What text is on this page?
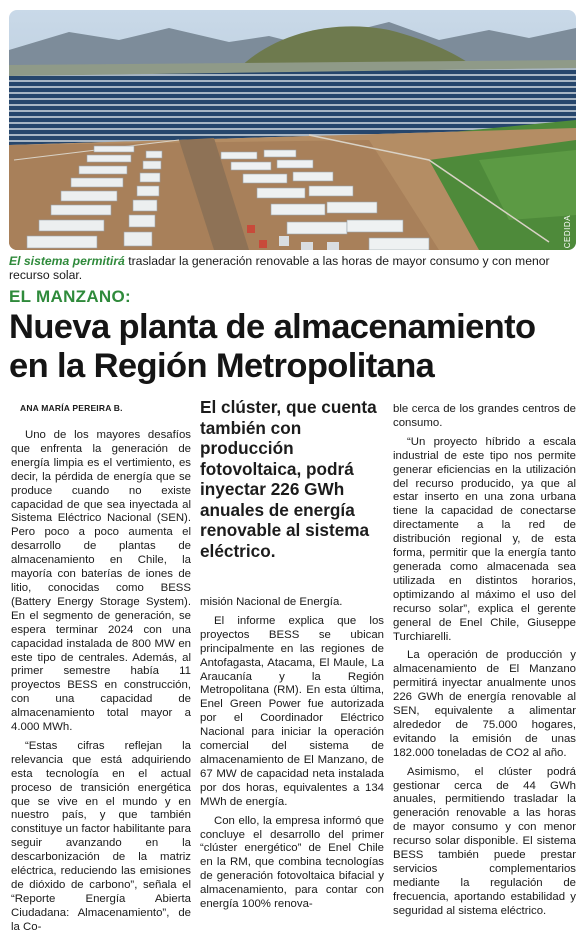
CEDIDA
El sistema permitirá trasladar la generación renovable a las horas de mayor consumo y con menor recurso solar.
EL MANZANO:
Nueva planta de almacenamiento
en la Región Metropolitana
ANA MARÍA PEREIRA B.

Uno de los mayores desafíos que enfrenta la generación de energía limpia es el vertimiento, es decir, la pérdida de energía que se produce cuando no existe capacidad de que sea inyectada al Sistema Eléctrico Nacional (SEN). Pero poco a poco aumenta el desarrollo de plantas de almacenamiento en Chile, la mayoría con baterías de iones de litio, conocidas como BESS (Battery Energy Storage System). En el segmento de generación, se espera terminar 2024 con una capacidad instalada de 800 MW en este tipo de centrales. Además, al primer semestre había 11 proyectos BESS en construcción, con una capacidad de almacenamiento total mayor a 4.000 MWh.

“Estas cifras reflejan la relevancia que está adquiriendo esta tecnología en el actual proceso de transición energética que se vive en el mundo y en nuestro país, y que también constituye un factor habilitante para seguir avanzando en la descarbonización de la matriz eléctrica, reduciendo las emisiones de dióxido de carbono”, señala el “Reporte Energía Abierta Ciudadana: Almacenamiento”, de la Co-

El clúster, que cuenta también con producción fotovoltaica, podrá inyectar 226 GWh anuales de energía renovable al sistema eléctrico.

misión Nacional de Energía.

El informe explica que los proyectos BESS se ubican principalmente en las regiones de Antofagasta, Atacama, El Maule, La Araucanía y la Región Metropolitana (RM). En esta última, Enel Green Power fue autorizada por el Coordinador Eléctrico Nacional para iniciar la operación comercial del sistema de almacenamiento de El Manzano, de 67 MW de capacidad neta instalada por dos horas, equivalentes a 134 MWh de energía.

Con ello, la empresa informó que concluye el desarrollo del primer “clúster energético” de Enel Chile en la RM, que combina tecnologías de generación fotovoltaica bifacial y almacenamiento, para contar con energía 100% renova-

ble cerca de los grandes centros de consumo.

“Un proyecto híbrido a escala industrial de este tipo nos permite generar eficiencias en la utilización del recurso producido, ya que al estar inserto en una zona urbana tiene la capacidad de conectarse directamente a la red de distribución regional y, de esta forma, permitir que la energía tanto generada como almacenada sea utilizada en distintos horarios, optimizando al máximo el uso del recurso solar”, explica el gerente general de Enel Chile, Giuseppe Turchiarelli.

La operación de producción y almacenamiento de El Manzano permitirá inyectar anualmente unos 226 GWh de energía renovable al SEN, equivalente a alimentar alrededor de 75.000 hogares, evitando la emisión de unas 182.000 toneladas de CO2 al año.

Asimismo, el clúster podrá gestionar cerca de 44 GWh anuales, permitiendo trasladar la generación renovable a las horas de mayor consumo y con menor recurso solar disponible. El sistema BESS también puede prestar servicios complementarios mediante la regulación de frecuencia, aportando estabilidad y seguridad al sistema eléctrico.
